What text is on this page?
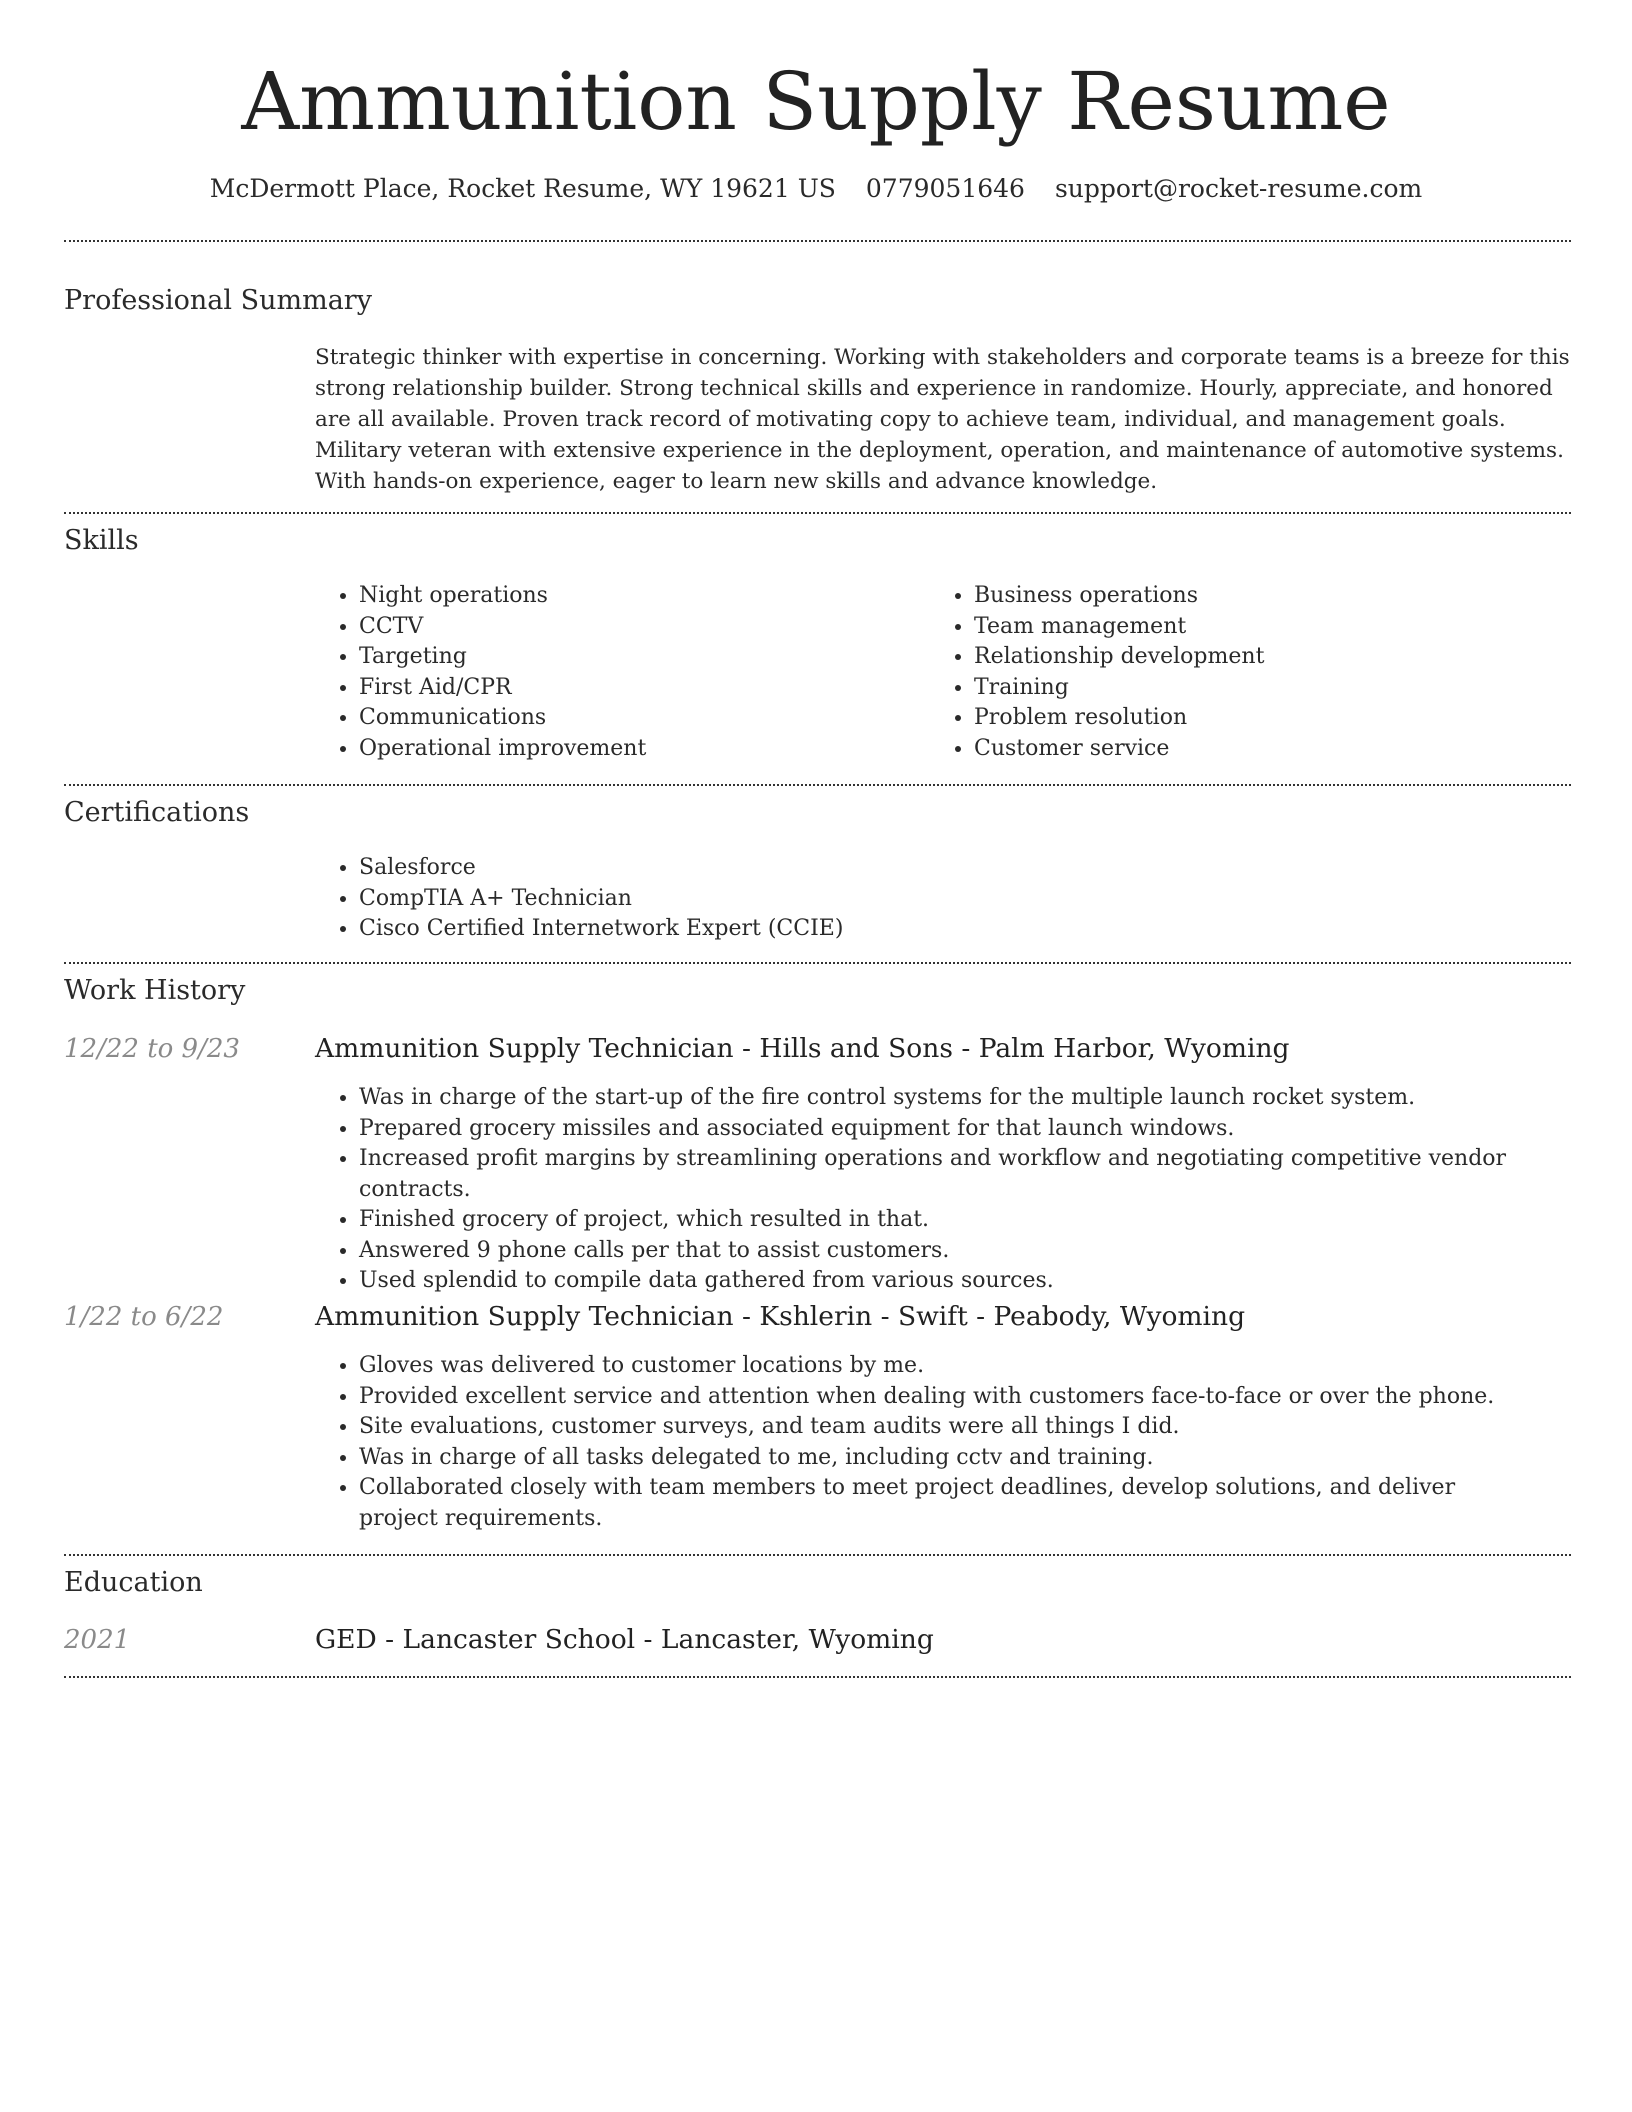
Ammunition Supply Resume
McDermott Place, Rocket Resume, WY 19621 US 0779051646 support@rocket-resume.com
Professional Summary

Strategic thinker with expertise in concerning. Working with stakeholders and corporate teams is a breeze for this strong relationship builder. Strong technical skills and experience in randomize. Hourly, appreciate, and honored are all available. Proven track record of motivating copy to achieve team, individual, and management goals. Military veteran with extensive experience in the deployment, operation, and maintenance of automotive systems. With hands-on experience, eager to learn new skills and advance knowledge.

Skills
• Night operations
• CCTV
• Targeting
• First Aid/CPR
• Communications
• Operational improvement
• Business operations
• Team management
• Relationship development
• Training
• Problem resolution
• Customer service
Certifications
• Salesforce
• CompTIA A+ Technician
• Cisco Certified Internetwork Expert (CCIE)
Work History
12/22 to 9/23	Ammunition Supply Technician - Hills and Sons - Palm Harbor, Wyoming
• Was in charge of the start-up of the fire control systems for the multiple launch rocket system.
• Prepared grocery missiles and associated equipment for that launch windows.
• Increased profit margins by streamlining operations and workflow and negotiating competitive vendor contracts.
• Finished grocery of project, which resulted in that.
• Answered 9 phone calls per that to assist customers.
• Used splendid to compile data gathered from various sources.
1/22 to 6/22	Ammunition Supply Technician - Kshlerin - Swift - Peabody, Wyoming
• Gloves was delivered to customer locations by me.
• Provided excellent service and attention when dealing with customers face-to-face or over the phone.
• Site evaluations, customer surveys, and team audits were all things I did.
• Was in charge of all tasks delegated to me, including cctv and training.
• Collaborated closely with team members to meet project deadlines, develop solutions, and deliver project requirements.
Education
2021	GED - Lancaster School - Lancaster, Wyoming
